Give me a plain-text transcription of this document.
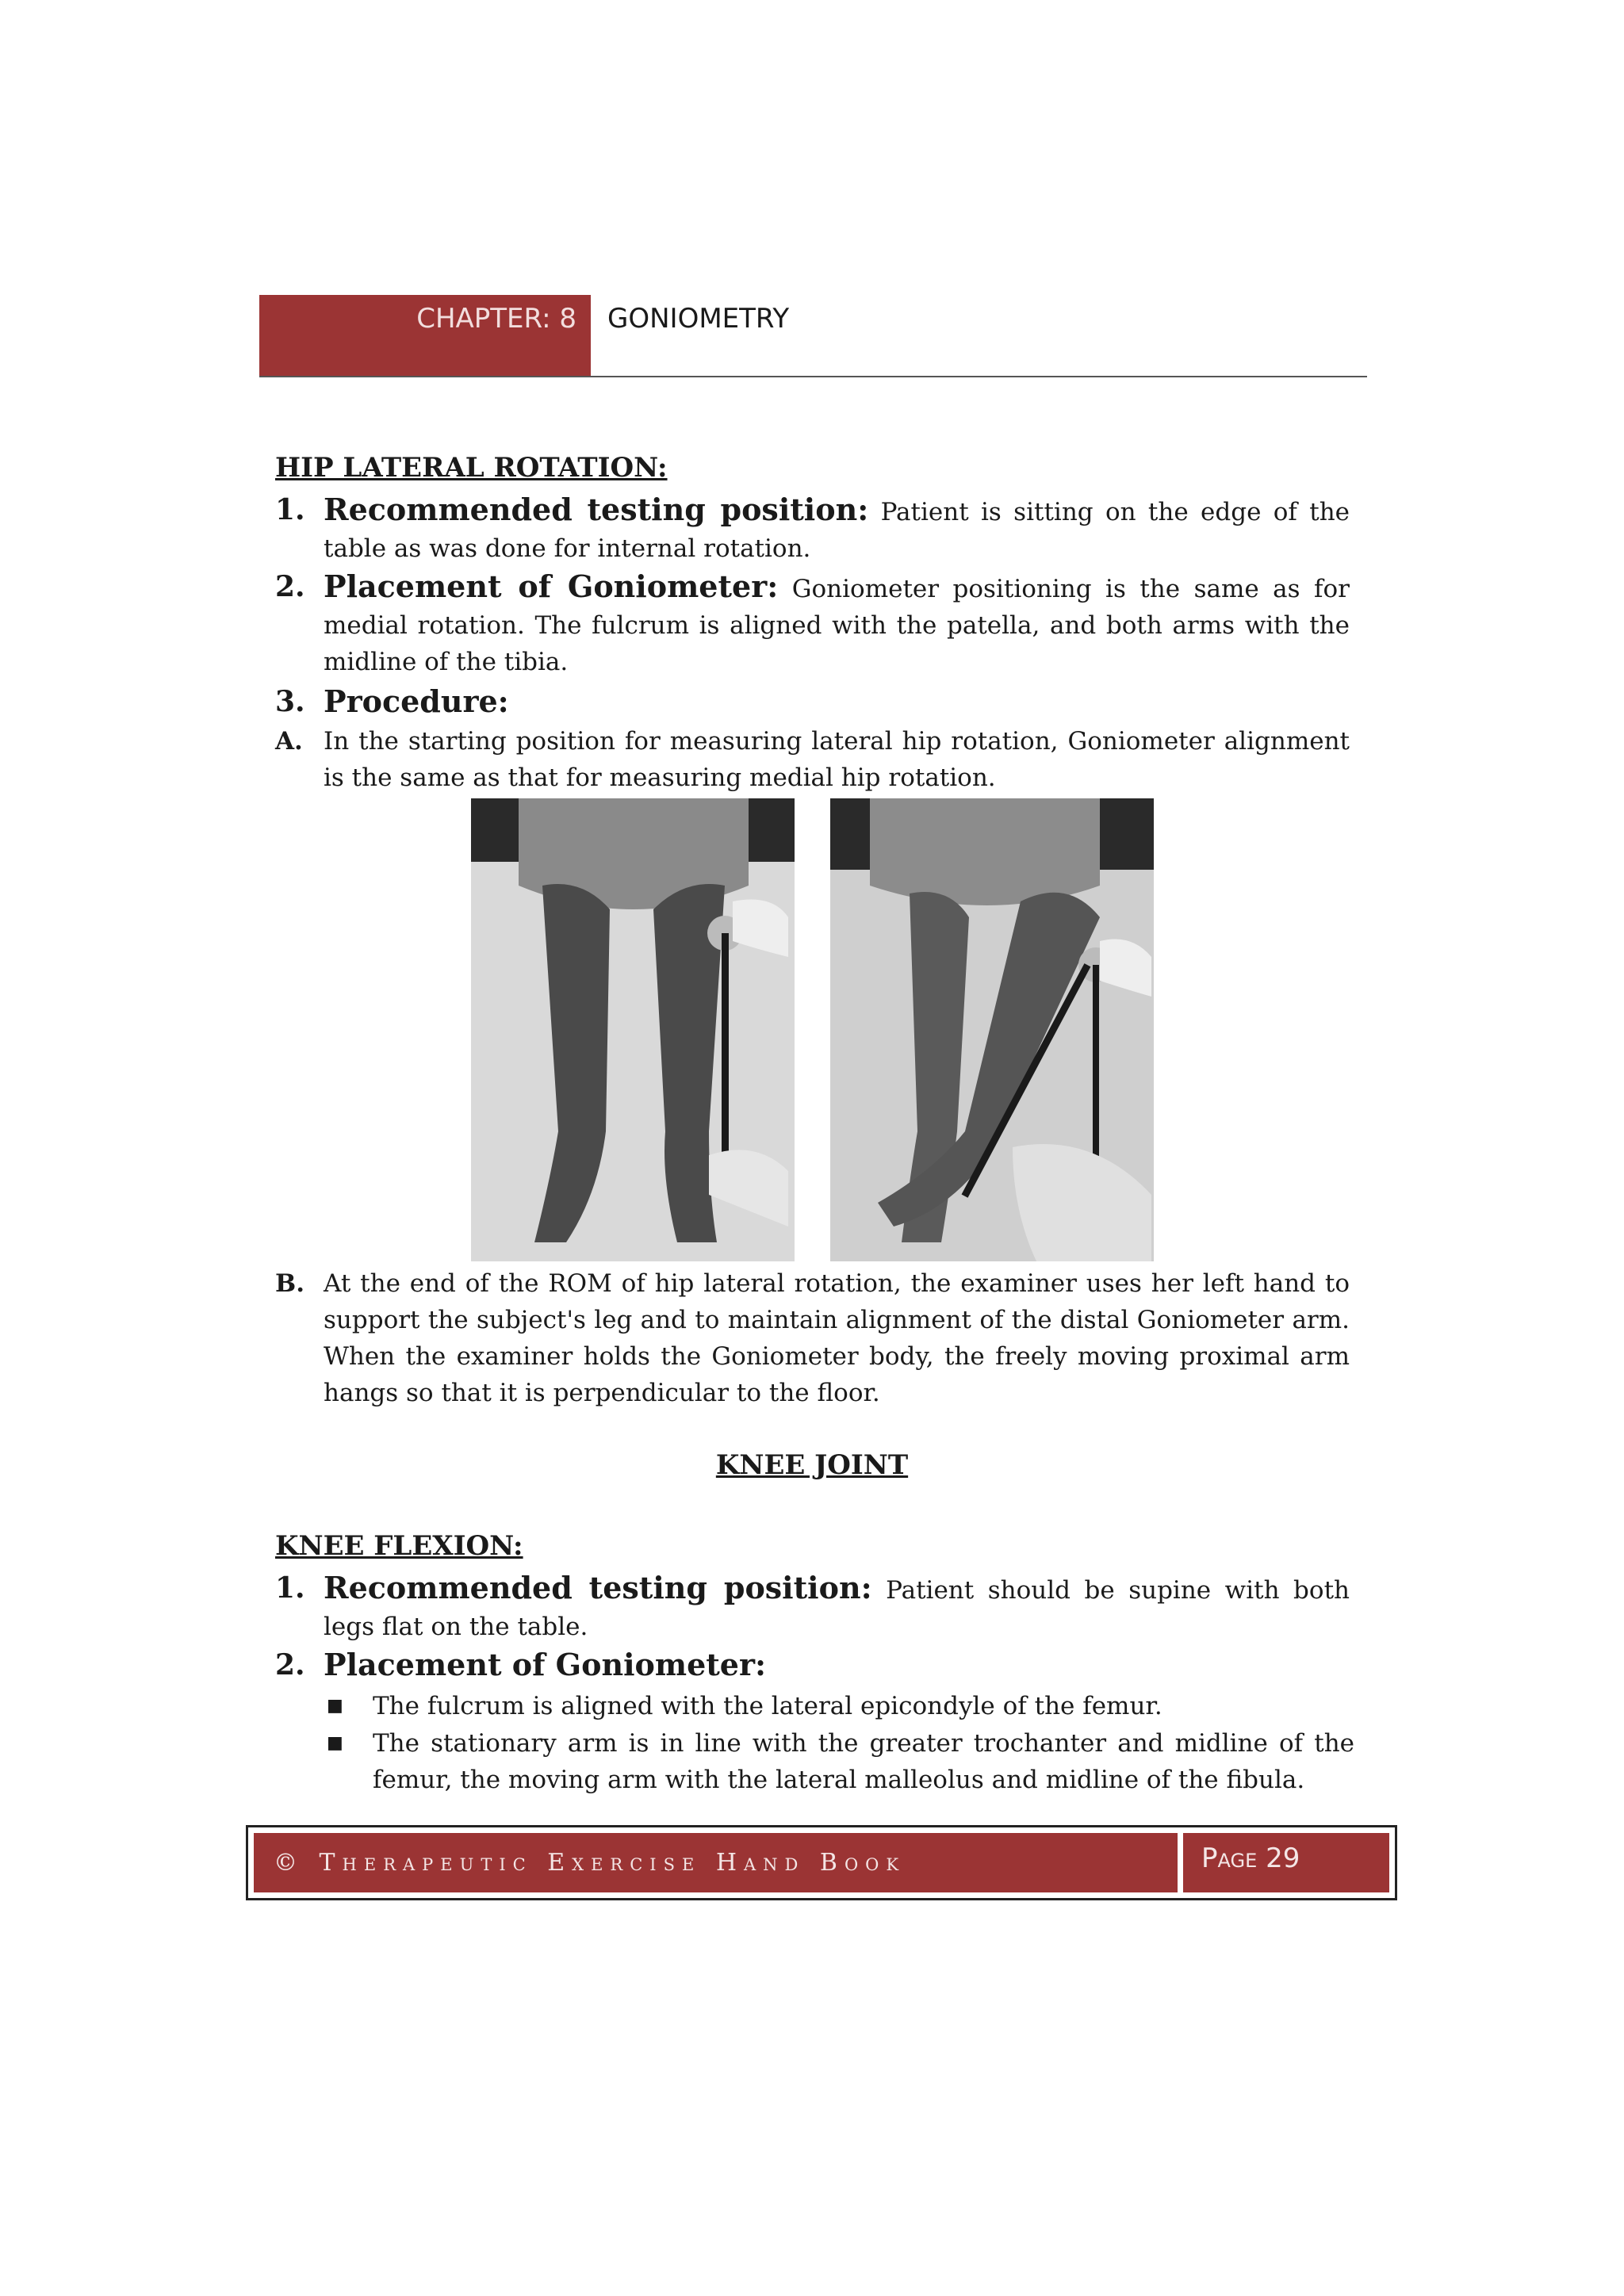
CHAPTER: 8 GONIOMETRY
HIP LATERAL ROTATION:
1. Recommended testing position: Patient is sitting on the edge of the table as was done for internal rotation.
2. Placement of Goniometer: Goniometer positioning is the same as for medial rotation. The fulcrum is aligned with the patella, and both arms with the midline of the tibia.
3. Procedure:
A. In the starting position for measuring lateral hip rotation, Goniometer alignment is the same as that for measuring medial hip rotation.
B. At the end of the ROM of hip lateral rotation, the examiner uses her left hand to support the subject's leg and to maintain alignment of the distal Goniometer arm. When the examiner holds the Goniometer body, the freely moving proximal arm hangs so that it is perpendicular to the floor.
KNEE JOINT
KNEE FLEXION:
1. Recommended testing position: Patient should be supine with both legs flat on the table.
2. Placement of Goniometer:
■ The fulcrum is aligned with the lateral epicondyle of the femur.
■ The stationary arm is in line with the greater trochanter and midline of the femur, the moving arm with the lateral malleolus and midline of the fibula.
© Therapeutic Exercise Hand Book	Page 29
